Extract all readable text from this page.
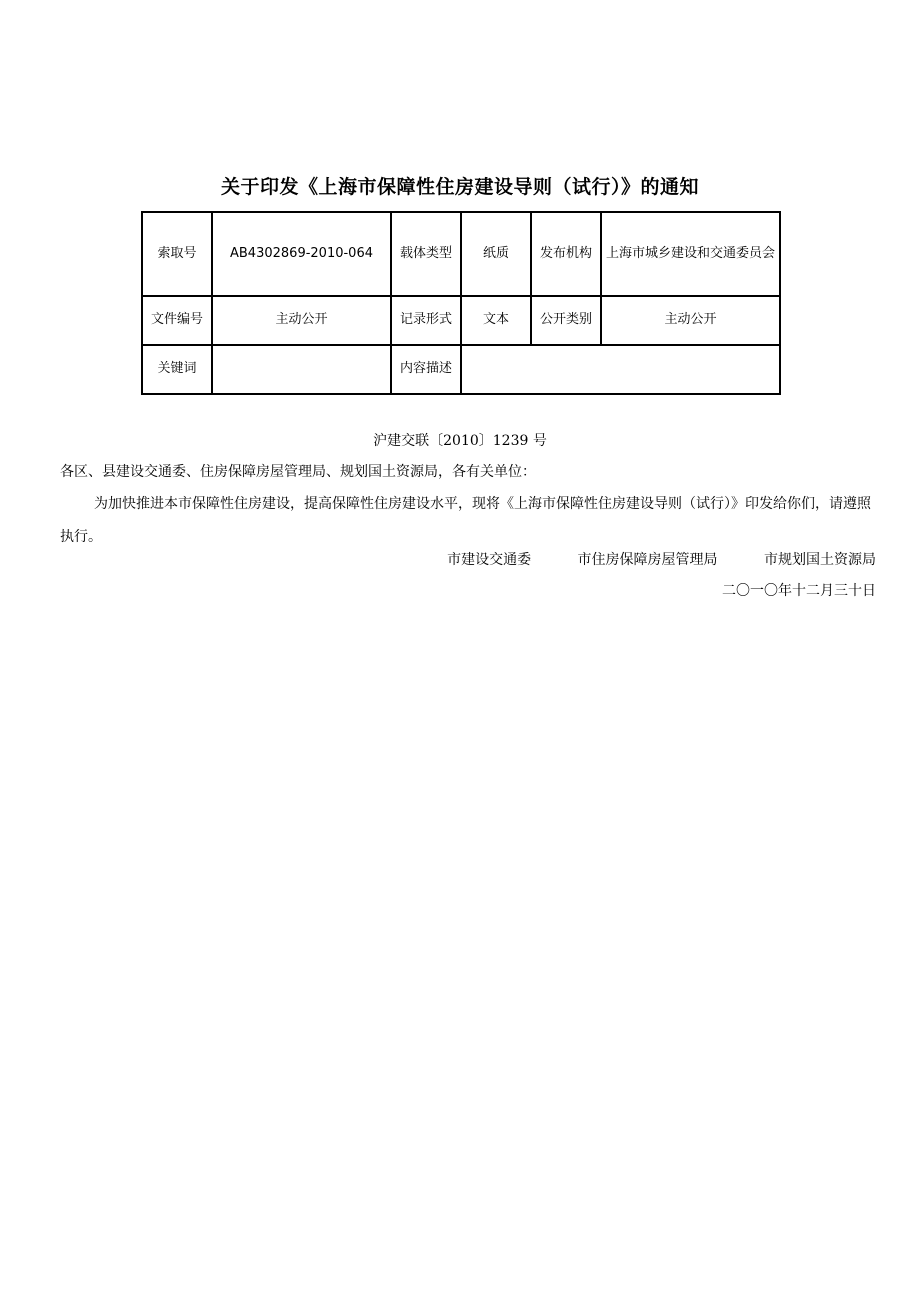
关于印发《上海市保障性住房建设导则（试行）》的通知
索取号	AB4302869-2010-064	载体类型	纸质	发布机构	上海市城乡建设和交通委员会
文件编号	主动公开	记录形式	文本	公开类别	主动公开
关键词		内容描述			
沪建交联〔2010〕1239 号
各区、县建设交通委、住房保障房屋管理局、规划国土资源局，各有关单位：

为加快推进本市保障性住房建设，提高保障性住房建设水平，现将《上海市保障性住房建设导则（试行）》印发给你们，请遵照执行。

市建设交通委	市住房保障房屋管理局	市规划国土资源局
二〇一〇年十二月三十日
